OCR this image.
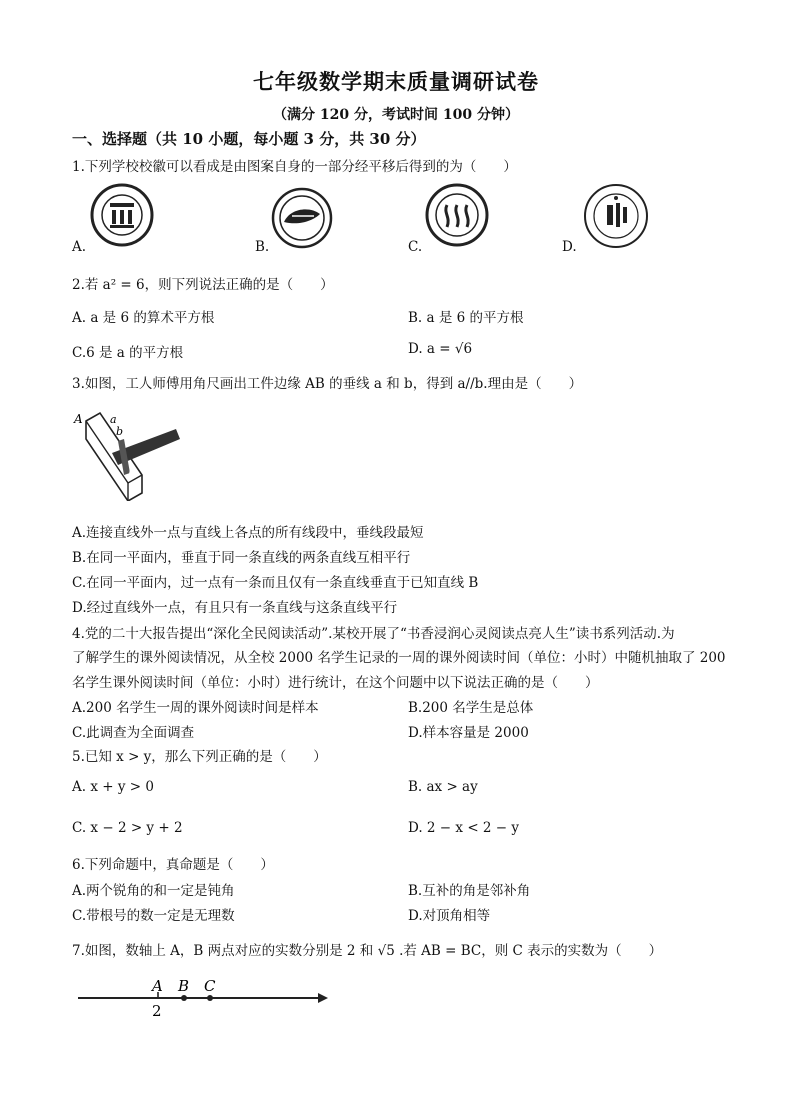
七年级数学期末质量调研试卷
（满分 120 分，考试时间 100 分钟）
一、选择题（共 10 小题，每小题 3 分，共 30 分）
1.下列学校校徽可以看成是由图案自身的一部分经平移后得到的为（　　）
A.	B.	C.	D.
2.若 a² = 6，则下列说法正确的是（　　）
A. a 是 6 的算术平方根	B. a 是 6 的平方根
C.6 是 a 的平方根	D. a = √6
3.如图，工人师傅用角尺画出工件边缘 AB 的垂线 a 和 b，得到 a//b.理由是（　　）
A a
b
B
A.连接直线外一点与直线上各点的所有线段中，垂线段最短
B.在同一平面内，垂直于同一条直线的两条直线互相平行
C.在同一平面内，过一点有一条而且仅有一条直线垂直于已知直线 B
D.经过直线外一点，有且只有一条直线与这条直线平行
4.党的二十大报告提出“深化全民阅读活动”.某校开展了“书香浸润心灵阅读点亮人生”读书系列活动.为
了解学生的课外阅读情况，从全校 2000 名学生记录的一周的课外阅读时间（单位：小时）中随机抽取了 200
名学生课外阅读时间（单位：小时）进行统计，在这个问题中以下说法正确的是（　　）
A.200 名学生一周的课外阅读时间是样本	B.200 名学生是总体
C.此调查为全面调查	D.样本容量是 2000
5.已知 x > y，那么下列正确的是（　　）
A. x + y > 0	B. ax > ay
C. x − 2 > y + 2	D. 2 − x < 2 − y
6.下列命题中，真命题是（　　）
A.两个锐角的和一定是钝角	B.互补的角是邻补角
C.带根号的数一定是无理数	D.对顶角相等
7.如图，数轴上 A，B 两点对应的实数分别是 2 和 √5 .若 AB = BC，则 C 表示的实数为（　　）
A B C
2
